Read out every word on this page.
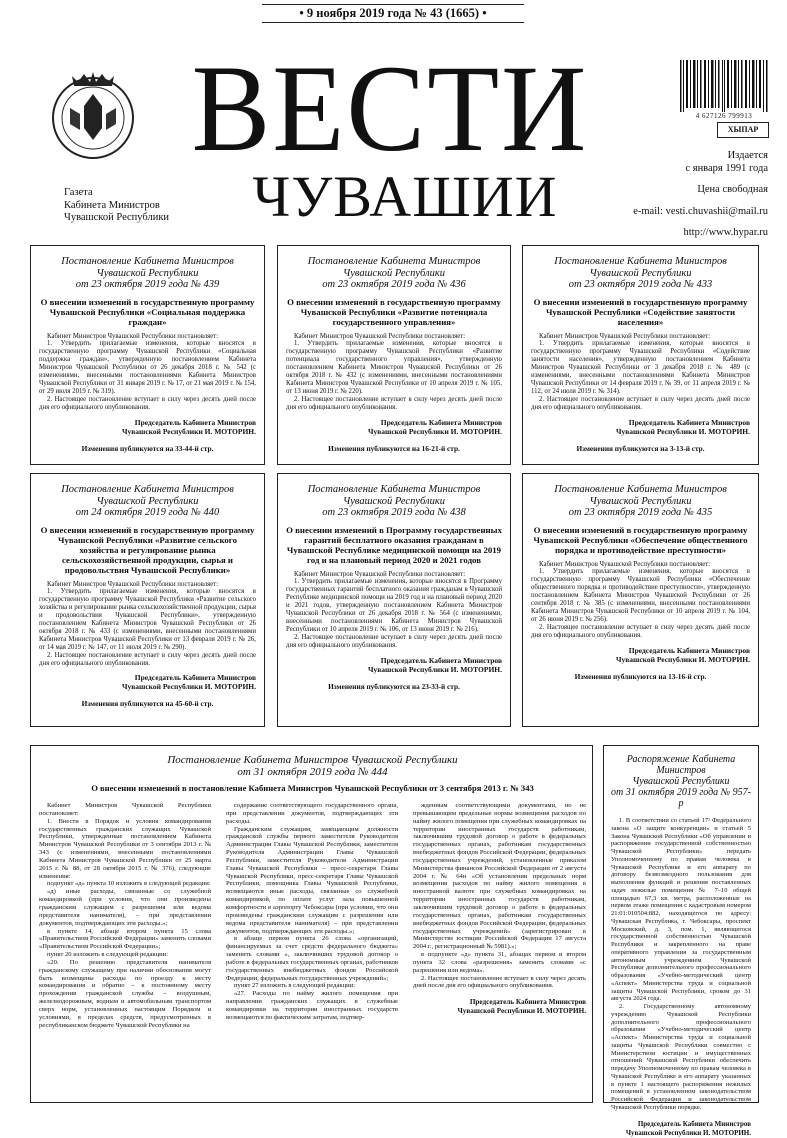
• 9 ноября 2019 года № 43 (1665) •
ВЕСТИ
ЧУВАШИИ
Газета
Кабинета Министров
Чувашской Республики
4 627126 799913
ХЫПАР
Издается
с января 1991 года
Цена свободная
e-mail: vesti.chuvashii@mail.ru
http://www.hypar.ru
Постановление Кабинета Министров
Чувашской Республики
от 23 октября 2019 года № 439
О внесении изменений в государственную программу Чувашской Республики «Социальная поддержка граждан»

Кабинет Министров Чувашской Республики постановляет:

1. Утвердить прилагаемые изменения, которые вносятся в государственную программу Чувашской Республики «Социальная поддержка граждан», утвержденную постановлением Кабинета Министров Чувашской Республики от 26 декабря 2018 г. № 542 (с изменениями, внесенными постановлениями Кабинета Министров Чувашской Республики от 31 января 2019 г. № 17, от 21 мая 2019 г. № 154, от 29 июля 2019 г. № 319).

2. Настоящее постановление вступает в силу через десять дней после дня его официального опубликования.

Председатель Кабинета Министров
Чувашской Республики И. МОТОРИН.
Изменения публикуются на 33-44-й стр.
Постановление Кабинета Министров
Чувашской Республики
от 23 октября 2019 года № 436
О внесении изменений в государственную программу Чувашской Республики «Развитие потенциала государственного управления»

Кабинет Министров Чувашской Республики постановляет:

1. Утвердить прилагаемые изменения, которые вносятся в государственную программу Чувашской Республики «Развитие потенциала государственного управления», утвержденную постановлением Кабинета Министров Чувашской Республики от 26 октября 2018 г. № 432 (с изменениями, внесенными постановлениями Кабинета Министров Чувашской Республики от 10 апреля 2019 г. № 105, от 13 июня 2019 г. № 220).

2. Настоящее постановление вступает в силу через десять дней после дня его официального опубликования.

Председатель Кабинета Министров
Чувашской Республики И. МОТОРИН.
Изменения публикуются на 16-21-й стр.
Постановление Кабинета Министров
Чувашской Республики
от 23 октября 2019 года № 433
О внесении изменений в государственную программу Чувашской Республики «Содействие занятости населения»

Кабинет Министров Чувашской Республики постановляет:

1. Утвердить прилагаемые изменения, которые вносятся в государственную программу Чувашской Республики «Содействие занятости населения», утвержденную постановлением Кабинета Министров Чувашской Республики от 3 декабря 2018 г. № 489 (с изменениями, внесенными постановлениями Кабинета Министров Чувашской Республики от 14 февраля 2019 г. № 39, от 11 апреля 2019 г. № 112, от 24 июля 2019 г. № 314).

2. Настоящее постановление вступает в силу через десять дней после дня его официального опубликования.

Председатель Кабинета Министров
Чувашской Республики И. МОТОРИН.
Изменения публикуются на 3-13-й стр.
Постановление Кабинета Министров
Чувашской Республики
от 24 октября 2019 года № 440
О внесении изменений в государственную программу Чувашской Республики «Развитие сельского хозяйства и регулирование рынка сельскохозяйственной продукции, сырья и продовольствия Чувашской Республики»

Кабинет Министров Чувашской Республики постановляет:

1. Утвердить прилагаемые изменения, которые вносятся в государственную программу Чувашской Республики «Развитие сельского хозяйства и регулирование рынка сельскохозяйственной продукции, сырья и продовольствия Чувашской Республики», утвержденную постановлением Кабинета Министров Чувашской Республики от 26 октября 2018 г. № 433 (с изменениями, внесенными постановлениями Кабинета Министров Чувашской Республики от 13 февраля 2019 г. № 26, от 14 мая 2019 г. № 147, от 11 июля 2019 г. № 290).

2. Настоящее постановление вступает в силу через десять дней после дня его официального опубликования.

Председатель Кабинета Министров
Чувашской Республики И. МОТОРИН.
Изменения публикуются на 45-60-й стр.
Постановление Кабинета Министров
Чувашской Республики
от 23 октября 2019 года № 438
О внесении изменений в Программу государственных гарантий бесплатного оказания гражданам в Чувашской Республике медицинской помощи на 2019 год и на плановый период 2020 и 2021 годов

Кабинет Министров Чувашской Республики постановляет:

1. Утвердить прилагаемые изменения, которые вносятся в Программу государственных гарантий бесплатного оказания гражданам в Чувашской Республике медицинской помощи на 2019 год и на плановый период 2020 и 2021 годов, утвержденную постановлением Кабинета Министров Чувашской Республики от 26 декабря 2018 г. № 564 (с изменениями, внесенными постановлениями Кабинета Министров Чувашской Республики от 10 апреля 2019 г. № 106, от 13 июня 2019 г. № 216).

2. Настоящее постановление вступает в силу через десять дней после дня его официального опубликования.

Председатель Кабинета Министров
Чувашской Республики И. МОТОРИН.
Изменения публикуются на 23-33-й стр.
Постановление Кабинета Министров
Чувашской Республики
от 23 октября 2019 года № 435
О внесении изменений в государственную программу Чувашской Республики «Обеспечение общественного порядка и противодействие преступности»

Кабинет Министров Чувашской Республики постановляет:

1. Утвердить прилагаемые изменения, которые вносятся в государственную программу Чувашской Республики «Обеспечение общественного порядка и противодействие преступности», утвержденную постановлением Кабинета Министров Чувашской Республики от 26 сентября 2018 г. № 385 (с изменениями, внесенными постановлениями Кабинета Министров Чувашской Республики от 10 апреля 2019 г. № 104, от 26 июня 2019 г. № 256).

2. Настоящее постановление вступает в силу через десять дней после дня его официального опубликования.

Председатель Кабинета Министров
Чувашской Республики И. МОТОРИН.
Изменения публикуются на 13-16-й стр.
Постановление Кабинета Министров Чувашской Республики
от 31 октября 2019 года № 444
О внесении изменений в постановление Кабинета Министров Чувашской Республики от 3 сентября 2013 г. № 343

Кабинет Министров Чувашской Республики постановляет:

1. Внести в Порядок и условия командирования государственных гражданских служащих Чувашской Республики, утвержденные постановлением Кабинета Министров Чувашской Республики от 3 сентября 2013 г. № 343 (с изменениями, внесенными постановлениями Кабинета Министров Чувашской Республики от 25 марта 2015 г. № 88, от 28 октября 2015 г. № 376), следующие изменения:

подпункт «д» пункта 10 изложить в следующей редакции:

«д) иные расходы, связанные со служебной командировкой (при условии, что они произведены гражданским служащим с разрешения или ведома представителя нанимателя), – при представлении документов, подтверждающих эти расходы.»;

в пункте 14, абзаце втором пункта 15 слова «Правительством Российской Федерации» заменить словами «Правительством Российской Федерации»;

пункт 20 изложить в следующей редакции:

«20. По решению представителя нанимателя гражданскому служащему при наличии обоснования могут быть возмещены расходы по проезду к месту командирования и обратно – к постоянному месту прохождения гражданской службы – воздушным, железнодорожным, водным и автомобильным транспортом сверх норм, установленных настоящим Порядком и условиями, в пределах средств, предусмотренных в республиканском бюджете Чувашской Республики на

содержание соответствующего государственного органа, при представлении документов, подтверждающих эти расходы.

Гражданским служащим, замещающим должности гражданской службы первого заместителя Руководителя Администрации Главы Чувашской Республики, заместителя Руководителя Администрации Главы Чувашской Республики, заместителя Руководителя Администрации Главы Чувашской Республики – пресс-секретаря Главы Чувашской Республики, пресс-секретаря Главы Чувашской Республики, помощника Главы Чувашской Республики, возмещаются иные расходы, связанные со служебной командировкой, по оплате услуг зала повышенной комфортности в аэропорту Чебоксары (при условии, что они произведены гражданским служащим с разрешения или ведома представителя нанимателя) – при представлении документов, подтверждающих эти расходы.»;

в абзаце первом пункта 26 слова «организаций, финансируемых за счет средств федерального бюджета» заменить словами «, заключивших трудовой договор о работе в федеральных государственных органах, работников государственных внебюджетных фондов Российской Федерации, федеральных государственных учреждений»;

пункт 27 изложить в следующей редакции:

«27. Расходы по найму жилого помещения при направлении гражданских служащих в служебные командировки на территории иностранных государств возмещаются по фактическим затратам, подтвер-

жденным соответствующими документами, но не превышающим предельные нормы возмещения расходов по найму жилого помещения при служебных командировках на территории иностранных государств работникам, заключившим трудовой договор о работе в федеральных государственных органах, работникам государственных внебюджетных фондов Российской Федерации, федеральных государственных учреждений, установленные приказом Министерства финансов Российской Федерации от 2 августа 2004 г. № 64н «Об установлении предельных норм возмещения расходов по найму жилого помещения в иностранной валюте при служебных командировках на территории иностранных государств работникам, заключившим трудовой договор о работе в федеральных государственных органах, работникам государственных внебюджетных фондов Российской Федерации, федеральных государственных учреждений» (зарегистрирован в Министерстве юстиции Российской Федерации 17 августа 2004 г., регистрационный № 5981).»;

в подпункте «д» пункта 31, абзацах первом и втором пункта 32 слова «разрешения» заменить словами «с разрешения или ведома».

2. Настоящее постановление вступает в силу через десять дней после дня его официального опубликования.

Председатель Кабинета Министров
Чувашской Республики И. МОТОРИН.
Распоряжение Кабинета Министров
Чувашской Республики
от 31 октября 2019 года № 957-р

1. В соответствии со статьей 17¹ Федерального закона «О защите конкуренции» и статьей 5 Закона Чувашской Республики «Об управлении и распоряжении государственной собственностью Чувашской Республики» передать Уполномоченному по правам человека в Чувашской Республике и его аппарату по договору безвозмездного пользования для выполнения функций и решения поставленных задач нежилые помещения № 7–10 общей площадью 67,3 кв. метра, расположенные на первом этаже помещения с кадастровым номером 21:01:010504:882, находящегося по адресу: Чувашская Республика, г. Чебоксары, проспект Московский, д. 3, пом. 1, являющегося государственной собственностью Чувашской Республики и закрепленного на праве оперативного управления за государственным автономным учреждением Чувашской Республики дополнительного профессионального образования «Учебно-методический центр «Аспект» Министерства труда и социальной защиты Чувашской Республики, сроком до 31 августа 2024 года.

2. Государственному автономному учреждению Чувашской Республики дополнительного профессионального образования «Учебно-методический центр «Аспект» Министерства труда и социальной защиты Чувашской Республики совместно с Министерством юстиции и имущественных отношений Чувашской Республики обеспечить передачу Уполномоченному по правам человека в Чувашской Республике и его аппарату указанных в пункте 1 настоящего распоряжения нежилых помещений в установленном законодательством Российской Федерации и законодательством Чувашской Республики порядке.

Председатель Кабинета Министров
Чувашской Республики И. МОТОРИН.
